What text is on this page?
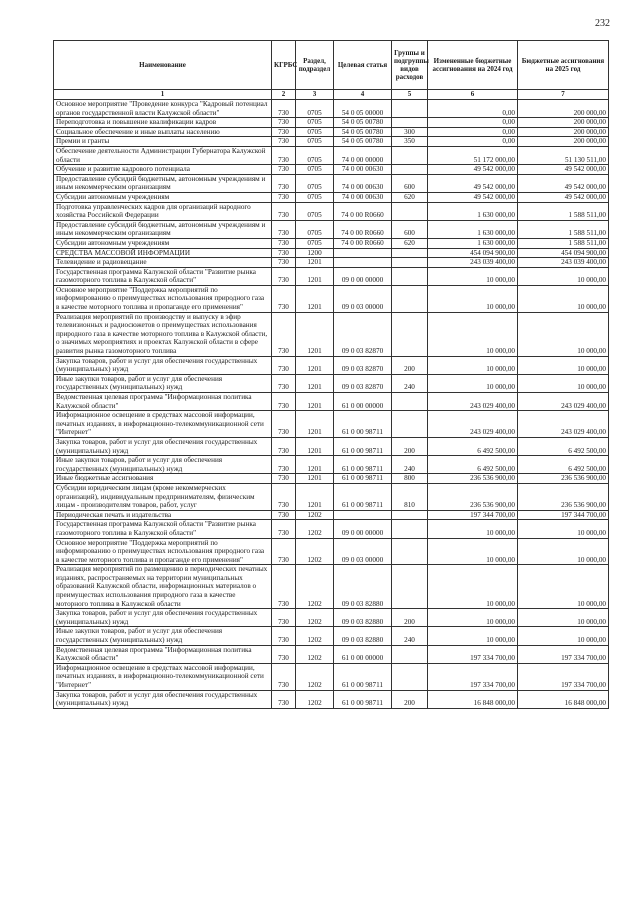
232
Наименование	КГРБС	Раздел, подраздел	Целевая статья	Группы и подгруппы видов расходов	Измененные бюджетные ассигнования на 2024 год	Бюджетные ассигнования на 2025 год
1	2	3	4	5	6	7
Основное мероприятие "Проведение конкурса "Кадровый потенциал органов государственной власти Калужской области"	730	0705	54 0 05 00000		0,00	200 000,00
Переподготовка и повышение квалификации кадров	730	0705	54 0 05 00780		0,00	200 000,00
Социальное обеспечение и иные выплаты населению	730	0705	54 0 05 00780	300	0,00	200 000,00
Премии и гранты	730	0705	54 0 05 00780	350	0,00	200 000,00
Обеспечение деятельности Администрации Губернатора Калужской области	730	0705	74 0 00 00000		51 172 000,00	51 130 511,00
Обучение и развитие кадрового потенциала	730	0705	74 0 00 00630		49 542 000,00	49 542 000,00
Предоставление субсидий бюджетным, автономным учреждениям и иным некоммерческим организациям	730	0705	74 0 00 00630	600	49 542 000,00	49 542 000,00
Субсидии автономным учреждениям	730	0705	74 0 00 00630	620	49 542 000,00	49 542 000,00
Подготовка управленческих кадров для организаций народного хозяйства Российской Федерации	730	0705	74 0 00 R0660		1 630 000,00	1 588 511,00
Предоставление субсидий бюджетным, автономным учреждениям и иным некоммерческим организациям	730	0705	74 0 00 R0660	600	1 630 000,00	1 588 511,00
Субсидии автономным учреждениям	730	0705	74 0 00 R0660	620	1 630 000,00	1 588 511,00
СРЕДСТВА МАССОВОЙ ИНФОРМАЦИИ	730	1200			454 094 900,00	454 094 900,00
Телевидение и радиовещание	730	1201			243 039 400,00	243 039 400,00
Государственная программа Калужской области "Развитие рынка газомоторного топлива в Калужской области"	730	1201	09 0 00 00000		10 000,00	10 000,00
Основное мероприятие "Поддержка мероприятий по информированию о преимуществах использования природного газа в качестве моторного топлива и пропаганде его применения"	730	1201	09 0 03 00000		10 000,00	10 000,00
Реализация мероприятий по производству и выпуску в эфир телевизионных и радиосюжетов о преимуществах использования природного газа в качестве моторного топлива в Калужской области, о значимых мероприятиях и проектах Калужской области в сфере развития рынка газомоторного топлива	730	1201	09 0 03 82870		10 000,00	10 000,00
Закупка товаров, работ и услуг для обеспечения государственных (муниципальных) нужд	730	1201	09 0 03 82870	200	10 000,00	10 000,00
Иные закупки товаров, работ и услуг для обеспечения государственных (муниципальных) нужд	730	1201	09 0 03 82870	240	10 000,00	10 000,00
Ведомственная целевая программа "Информационная политика Калужской области"	730	1201	61 0 00 00000		243 029 400,00	243 029 400,00
Информационное освещение в средствах массовой информации, печатных изданиях, в информационно-телекоммуникационной сети "Интернет"	730	1201	61 0 00 98711		243 029 400,00	243 029 400,00
Закупка товаров, работ и услуг для обеспечения государственных (муниципальных) нужд	730	1201	61 0 00 98711	200	6 492 500,00	6 492 500,00
Иные закупки товаров, работ и услуг для обеспечения государственных (муниципальных) нужд	730	1201	61 0 00 98711	240	6 492 500,00	6 492 500,00
Иные бюджетные ассигнования	730	1201	61 0 00 98711	800	236 536 900,00	236 536 900,00
Субсидии юридическим лицам (кроме некоммерческих организаций), индивидуальным предпринимателям, физическим лицам - производителям товаров, работ, услуг	730	1201	61 0 00 98711	810	236 536 900,00	236 536 900,00
Периодическая печать и издательства	730	1202			197 344 700,00	197 344 700,00
Государственная программа Калужской области "Развитие рынка газомоторного топлива в Калужской области"	730	1202	09 0 00 00000		10 000,00	10 000,00
Основное мероприятие "Поддержка мероприятий по информированию о преимуществах использования природного газа в качестве моторного топлива и пропаганде его применения"	730	1202	09 0 03 00000		10 000,00	10 000,00
Реализация мероприятий по размещению в периодических печатных изданиях, распространяемых на территории муниципальных образований Калужской области, информационных материалов о преимуществах использования природного газа в качестве моторного топлива в Калужской области	730	1202	09 0 03 82880		10 000,00	10 000,00
Закупка товаров, работ и услуг для обеспечения государственных (муниципальных) нужд	730	1202	09 0 03 82880	200	10 000,00	10 000,00
Иные закупки товаров, работ и услуг для обеспечения государственных (муниципальных) нужд	730	1202	09 0 03 82880	240	10 000,00	10 000,00
Ведомственная целевая программа "Информационная политика Калужской области"	730	1202	61 0 00 00000		197 334 700,00	197 334 700,00
Информационное освещение в средствах массовой информации, печатных изданиях, в информационно-телекоммуникационной сети "Интернет"	730	1202	61 0 00 98711		197 334 700,00	197 334 700,00
Закупка товаров, работ и услуг для обеспечения государственных (муниципальных) нужд	730	1202	61 0 00 98711	200	16 848 000,00	16 848 000,00
